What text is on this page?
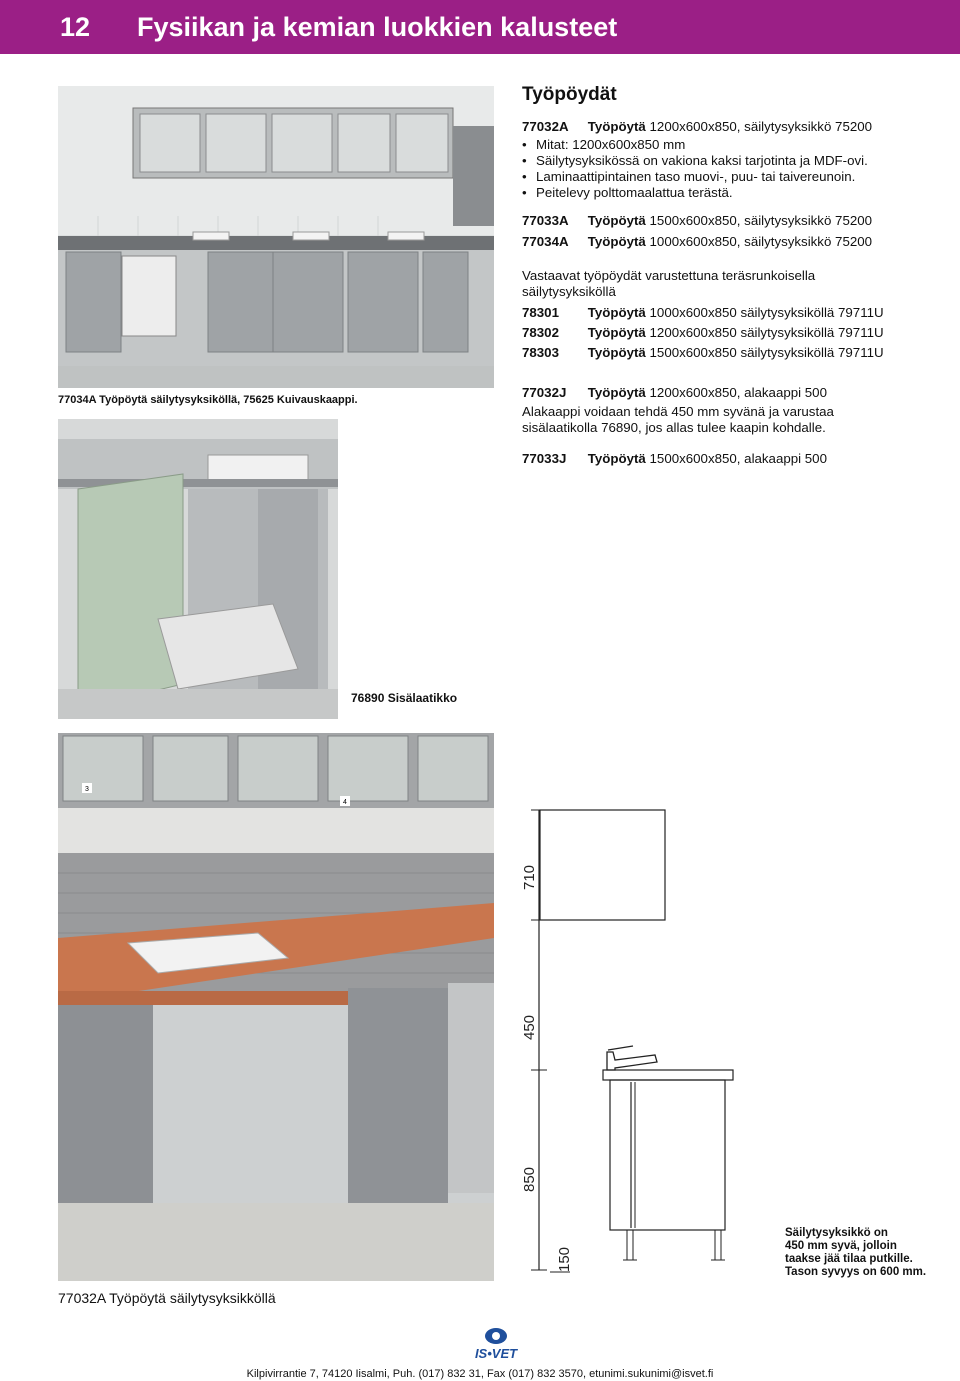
12 Fysiikan ja kemian luokkien kalusteet
77034A Työpöytä säilytysyksiköllä, 75625 Kuivauskaappi.
76890 Sisälaatikko
3
4
77032A Työpöytä säilytysyksikköllä
Työpöydät
77032A Työpöytä 1200x600x850, säilytysyksikkö 75200
• Mitat: 1200x600x850 mm
• Säilytysyksikössä on vakiona kaksi tarjotinta ja MDF-ovi.
• Laminaattipintainen taso muovi-, puu- tai taivereunoin.
• Peitelevy polttomaalattua terästä.
77033A Työpöytä 1500x600x850, säilytysyksikkö 75200
77034A Työpöytä 1000x600x850, säilytysyksikkö 75200
Vastaavat työpöydät varustettuna teräsrunkoisella
säilytysyksiköllä
78301 Työpöytä 1000x600x850 säilytysyksiköllä 79711U
78302 Työpöytä 1200x600x850 säilytysyksiköllä 79711U
78303 Työpöytä 1500x600x850 säilytysyksiköllä 79711U
77032J Työpöytä 1200x600x850, alakaappi 500
Alakaappi voidaan tehdä 450 mm syvänä ja varustaa
sisälaatikolla 76890, jos allas tulee kaapin kohdalle.
77033J Työpöytä 1500x600x850, alakaappi 500
710
450
850
150
Säilytysyksikkö on
450 mm syvä, jolloin
taakse jää tilaa putkille.
Tason syvyys on 600 mm.
IS•VET
Kilpivirrantie 7, 74120 Iisalmi, Puh. (017) 832 31, Fax (017) 832 3570, etunimi.sukunimi@isvet.fi
